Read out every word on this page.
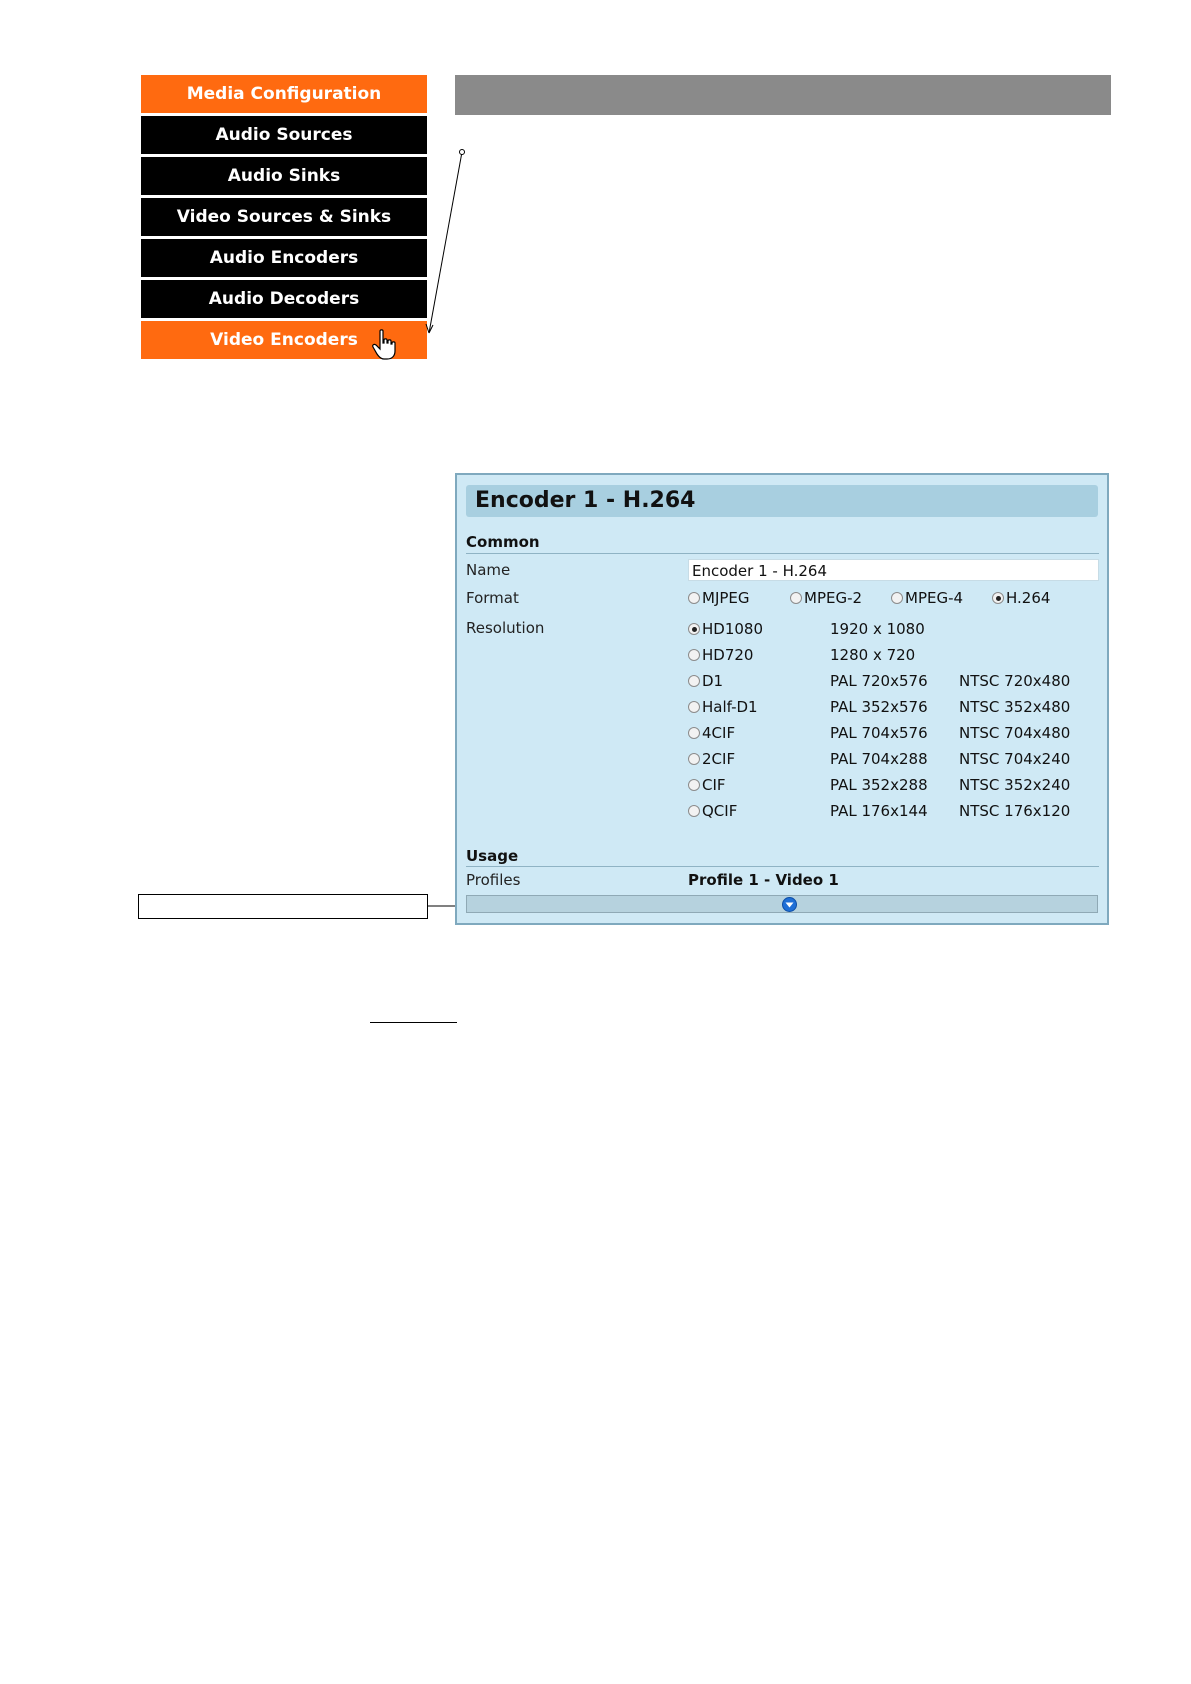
Media Configuration
Audio Sources
Audio Sinks
Video Sources & Sinks
Audio Encoders
Audio Decoders
Video Encoders
Encoder 1 - H.264
Common
Name	Encoder 1 - H.264
Format	MJPEG	MPEG-2	MPEG-4	H.264
Resolution	HD1080	1920 x 1080
HD720	1280 x 720
D1	PAL 720x576 NTSC 720x480
Half-D1	PAL 352x576 NTSC 352x480
4CIF	PAL 704x576 NTSC 704x480
2CIF	PAL 704x288 NTSC 704x240
CIF	PAL 352x288 NTSC 352x240
QCIF	PAL 176x144 NTSC 176x120
Usage
Profiles	Profile 1 - Video 1
